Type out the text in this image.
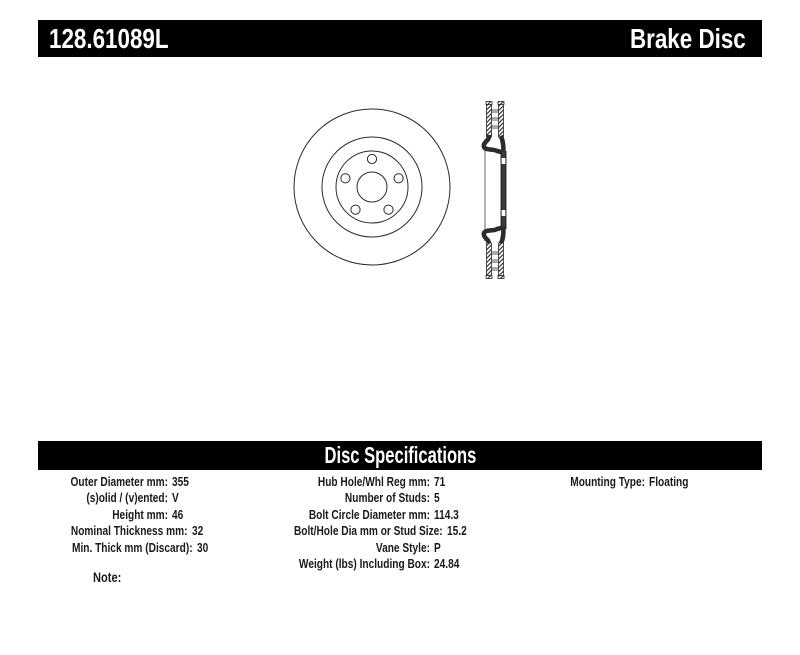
128.61089L	Brake Disc
Disc Specifications
Outer Diameter mm: 355
(s)olid / (v)ented: V
Height mm: 46
Nominal Thickness mm: 32
Min. Thick mm (Discard): 30
Hub Hole/Whl Reg mm: 71
Number of Studs: 5
Bolt Circle Diameter mm: 114.3
Bolt/Hole Dia mm or Stud Size: 15.2
Vane Style: P
Weight (lbs) Including Box: 24.84
Mounting Type: Floating
Note:
